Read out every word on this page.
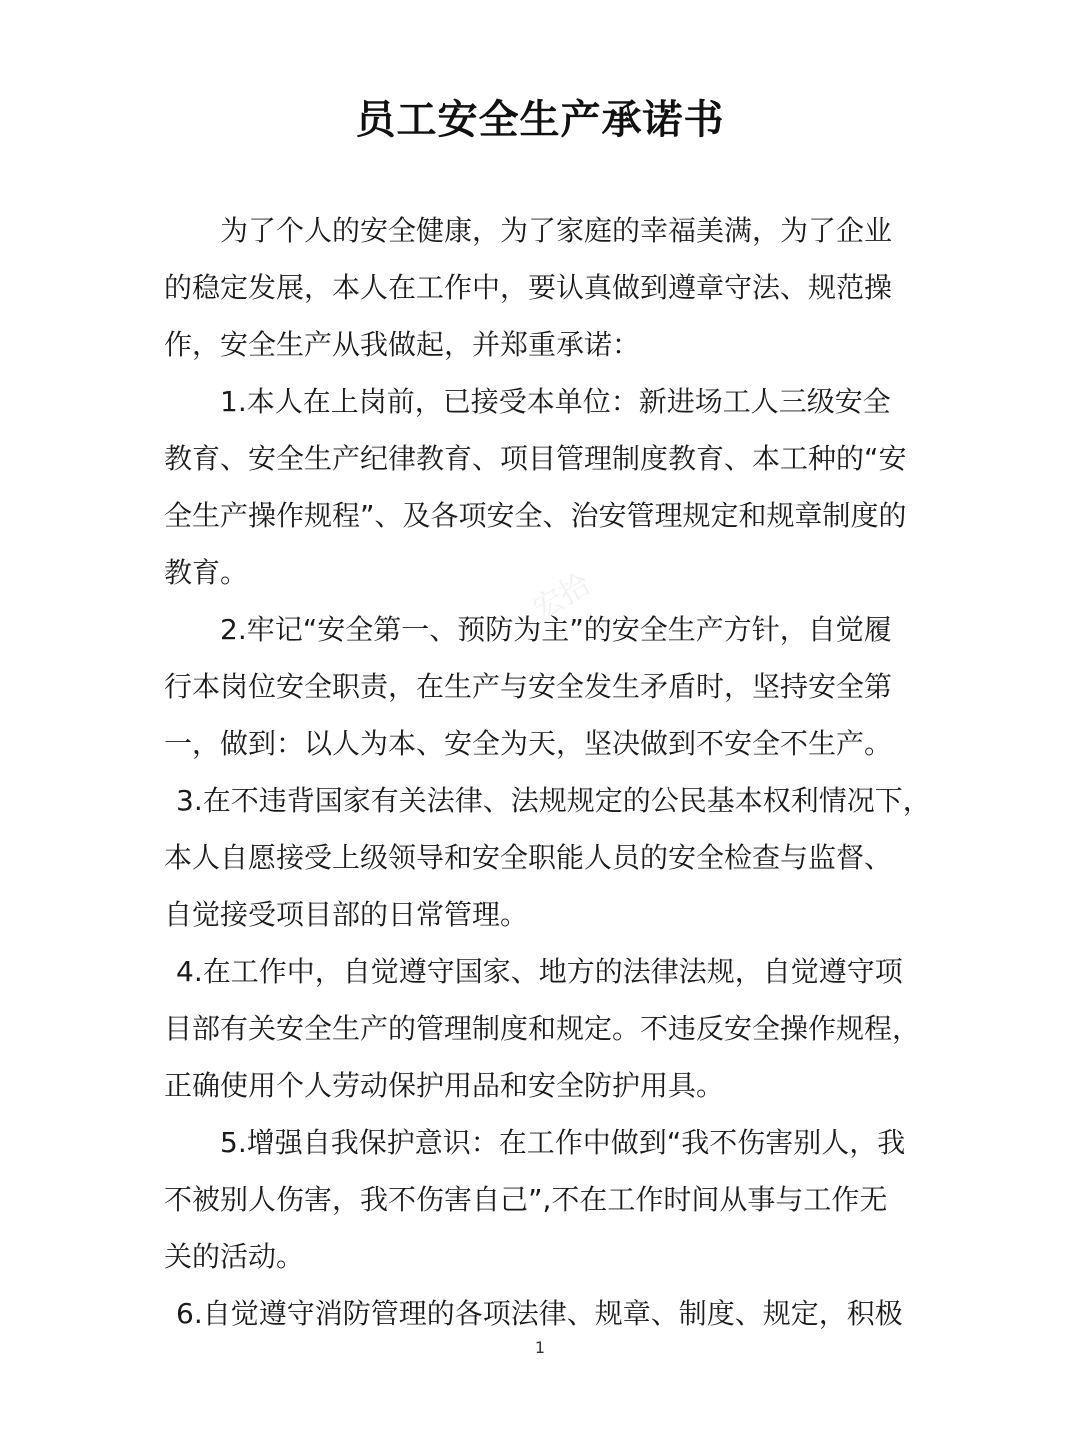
员工安全生产承诺书
为了个人的安全健康，为了家庭的幸福美满，为了企业
的稳定发展，本人在工作中，要认真做到遵章守法、规范操
作，安全生产从我做起，并郑重承诺：
1.本人在上岗前，已接受本单位：新进场工人三级安全
教育、安全生产纪律教育、项目管理制度教育、本工种的“安
全生产操作规程”、及各项安全、治安管理规定和规章制度的
教育。
2.牢记“安全第一、预防为主”的安全生产方针，自觉履
行本岗位安全职责，在生产与安全发生矛盾时，坚持安全第
一，做到：以人为本、安全为天，坚决做到不安全不生产。
3.在不违背国家有关法律、法规规定的公民基本权利情况下，
本人自愿接受上级领导和安全职能人员的安全检查与监督、
自觉接受项目部的日常管理。
4.在工作中，自觉遵守国家、地方的法律法规，自觉遵守项
目部有关安全生产的管理制度和规定。不违反安全操作规程，
正确使用个人劳动保护用品和安全防护用具。
5.增强自我保护意识：在工作中做到“我不伤害别人，我
不被别人伤害，我不伤害自己”,不在工作时间从事与工作无
关的活动。
6.自觉遵守消防管理的各项法律、规章、制度、规定，积极
宏拾
1
